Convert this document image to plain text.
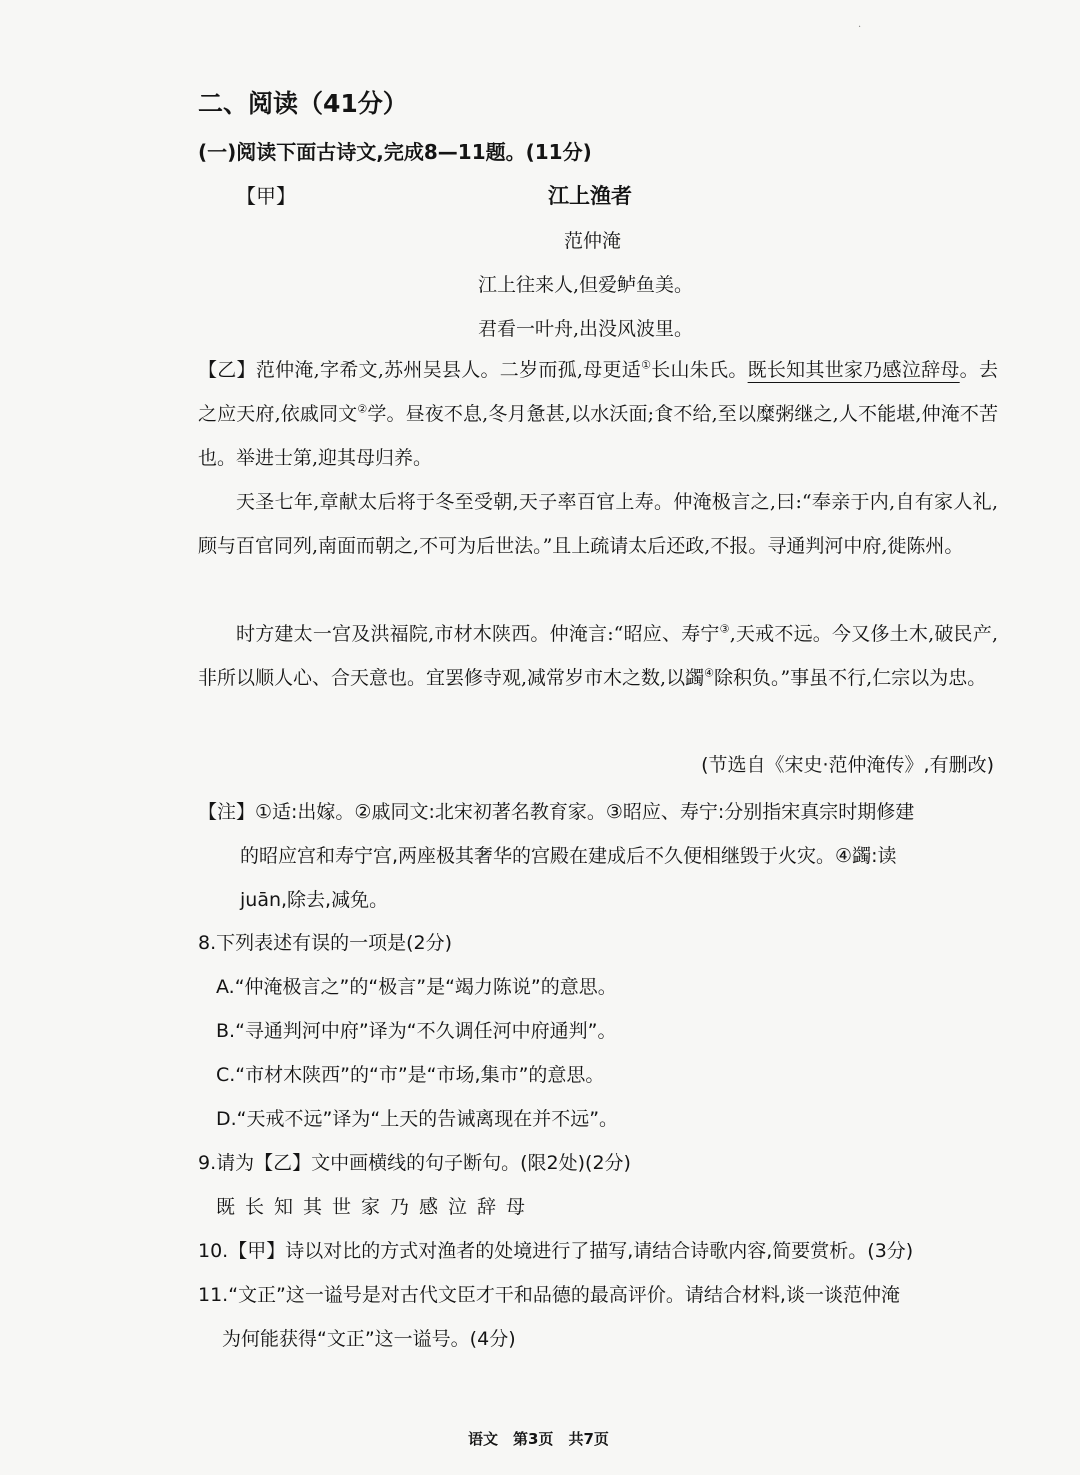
·
二、阅读（41分）
(一)阅读下面古诗文,完成8—11题。(11分)
【甲】	江上渔者
范仲淹
江上往来人,但爱鲈鱼美。
君看一叶舟,出没风波里。
【乙】范仲淹,字希文,苏州吴县人。二岁而孤,母更适①长山朱氏。既长知其世家乃感泣辞母。去之应天府,依戚同文②学。昼夜不息,冬月惫甚,以水沃面;食不给,至以糜粥继之,人不能堪,仲淹不苦也。举进士第,迎其母归养。
天圣七年,章献太后将于冬至受朝,天子率百官上寿。仲淹极言之,曰:“奉亲于内,自有家人礼,顾与百官同列,南面而朝之,不可为后世法。”且上疏请太后还政,不报。寻通判河中府,徙陈州。
时方建太一宫及洪福院,市材木陕西。仲淹言:“昭应、寿宁③,天戒不远。今又侈土木,破民产,非所以顺人心、合天意也。宜罢修寺观,减常岁市木之数,以蠲④除积负。”事虽不行,仁宗以为忠。
(节选自《宋史·范仲淹传》,有删改)
【注】①适:出嫁。②戚同文:北宋初著名教育家。③昭应、寿宁:分别指宋真宗时期修建
的昭应宫和寿宁宫,两座极其奢华的宫殿在建成后不久便相继毁于火灾。④蠲:读
juān,除去,减免。
8.下列表述有误的一项是(2分)
A.“仲淹极言之”的“极言”是“竭力陈说”的意思。
B.“寻通判河中府”译为“不久调任河中府通判”。
C.“市材木陕西”的“市”是“市场,集市”的意思。
D.“天戒不远”译为“上天的告诫离现在并不远”。
9.请为【乙】文中画横线的句子断句。(限2处)(2分)
既长知其世家乃感泣辞母
10.【甲】诗以对比的方式对渔者的处境进行了描写,请结合诗歌内容,简要赏析。(3分)
11.“文正”这一谥号是对古代文臣才干和品德的最高评价。请结合材料,谈一谈范仲淹
为何能获得“文正”这一谥号。(4分)
语文　第3页　共7页
